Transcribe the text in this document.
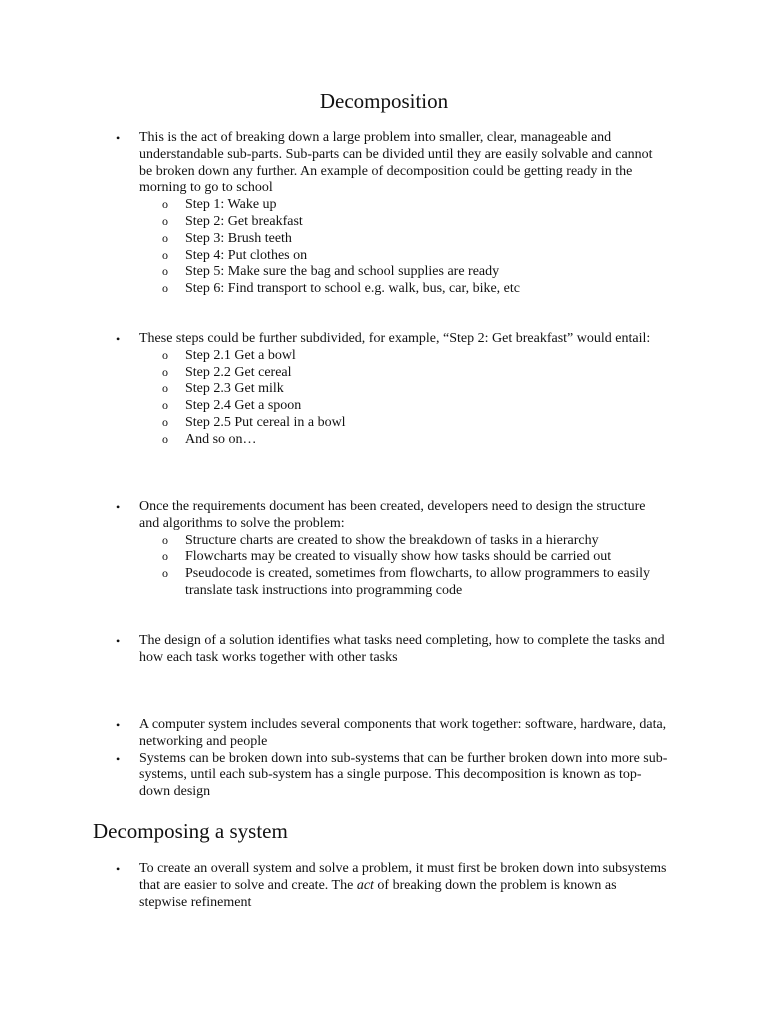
Decomposition
• This is the act of breaking down a large problem into smaller, clear, manageable and understandable sub-parts. Sub-parts can be divided until they are easily solvable and cannot be broken down any further. An example of decomposition could be getting ready in the morning to go to school
o Step 1: Wake up
o Step 2: Get breakfast
o Step 3: Brush teeth
o Step 4: Put clothes on
o Step 5: Make sure the bag and school supplies are ready
o Step 6: Find transport to school e.g. walk, bus, car, bike, etc
• These steps could be further subdivided, for example, “Step 2: Get breakfast” would entail:
o Step 2.1 Get a bowl
o Step 2.2 Get cereal
o Step 2.3 Get milk
o Step 2.4 Get a spoon
o Step 2.5 Put cereal in a bowl
o And so on…
• Once the requirements document has been created, developers need to design the structure and algorithms to solve the problem:
o Structure charts are created to show the breakdown of tasks in a hierarchy
o Flowcharts may be created to visually show how tasks should be carried out
o Pseudocode is created, sometimes from flowcharts, to allow programmers to easily translate task instructions into programming code
• The design of a solution identifies what tasks need completing, how to complete the tasks and how each task works together with other tasks
• A computer system includes several components that work together: software, hardware, data, networking and people
• Systems can be broken down into sub-systems that can be further broken down into more sub-systems, until each sub-system has a single purpose. This decomposition is known as top-down design
Decomposing a system
• To create an overall system and solve a problem, it must first be broken down into subsystems that are easier to solve and create. The act of breaking down the problem is known as stepwise refinement
